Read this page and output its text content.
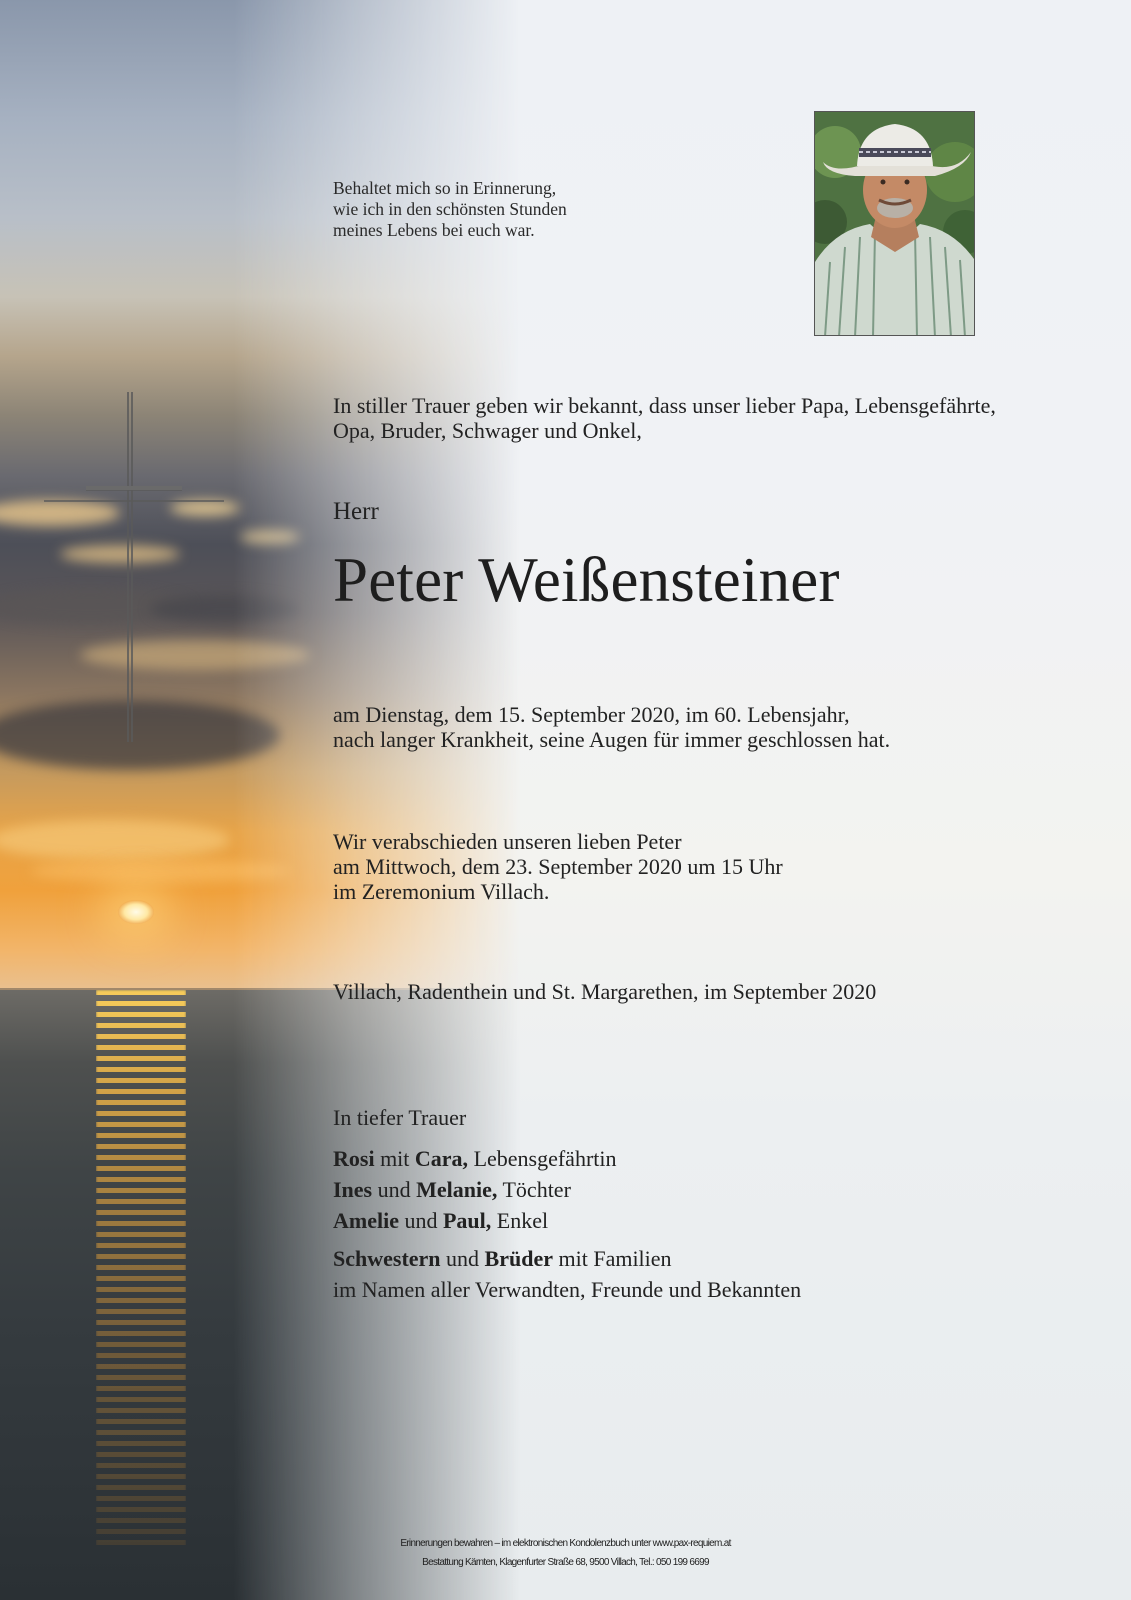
Behaltet mich so in Erinnerung,
wie ich in den schönsten Stunden
meines Lebens bei euch war.

In stiller Trauer geben wir bekannt, dass unser lieber Papa, Lebensgefährte,
Opa, Bruder, Schwager und Onkel,

Herr

Peter Weißensteiner

am Dienstag, dem 15. September 2020, im 60. Lebensjahr,
nach langer Krankheit, seine Augen für immer geschlossen hat.

Wir verabschieden unseren lieben Peter
am Mittwoch, dem 23. September 2020 um 15 Uhr
im Zeremonium Villach.

Villach, Radenthein und St. Margarethen, im September 2020

In tiefer Trauer

Rosi mit Cara, Lebensgefährtin
Ines und Melanie, Töchter
Amelie und Paul, Enkel
Schwestern und Brüder mit Familien
im Namen aller Verwandten, Freunde und Bekannten
Erinnerungen bewahren – im elektronischen Kondolenzbuch unter www.pax-requiem.at
Bestattung Kärnten, Klagenfurter Straße 68, 9500 Villach, Tel.: 050 199 6699
